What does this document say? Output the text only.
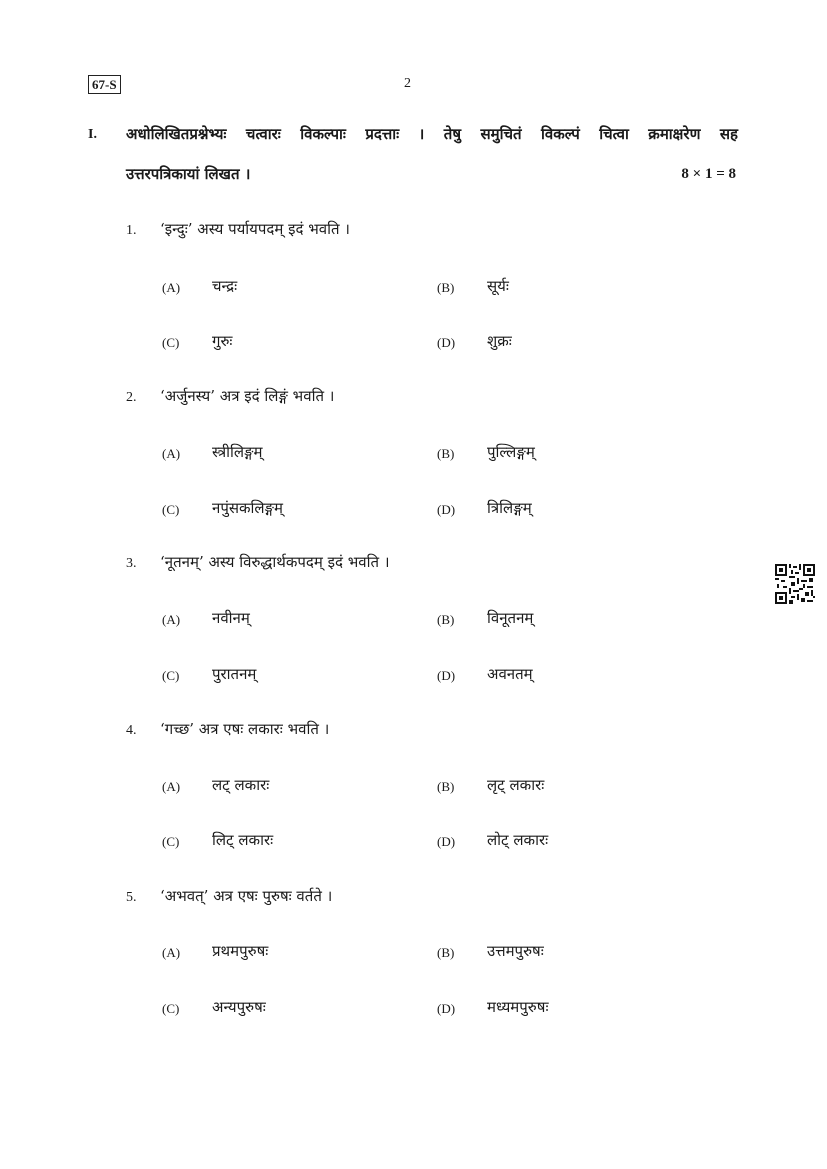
67-S	2
I. अधोलिखितप्रश्नेभ्यः चत्वारः विकल्पाः प्रदत्ताः । तेषु समुचितं विकल्पं चित्वा क्रमाक्षरेण सह
उत्तरपत्रिकायां लिखत ।	8 × 1 = 8
1. ‘इन्दुः’ अस्य पर्यायपदम् इदं भवति ।
(A) चन्द्रः	(B) सूर्यः
(C) गुरुः	(D) शुक्रः
2. ‘अर्जुनस्य’ अत्र इदं लिङ्गं भवति ।
(A) स्त्रीलिङ्गम्	(B) पुल्लिङ्गम्
(C) नपुंसकलिङ्गम्	(D) त्रिलिङ्गम्
3. ‘नूतनम्’ अस्य विरुद्धार्थकपदम् इदं भवति ।
(A) नवीनम्	(B) विनूतनम्
(C) पुरातनम्	(D) अवनतम्
4. ‘गच्छ’ अत्र एषः लकारः भवति ।
(A) लट् लकारः	(B) लृट् लकारः
(C) लिट् लकारः	(D) लोट् लकारः
5. ‘अभवत्’ अत्र एषः पुरुषः वर्तते ।
(A) प्रथमपुरुषः	(B) उत्तमपुरुषः
(C) अन्यपुरुषः	(D) मध्यमपुरुषः
